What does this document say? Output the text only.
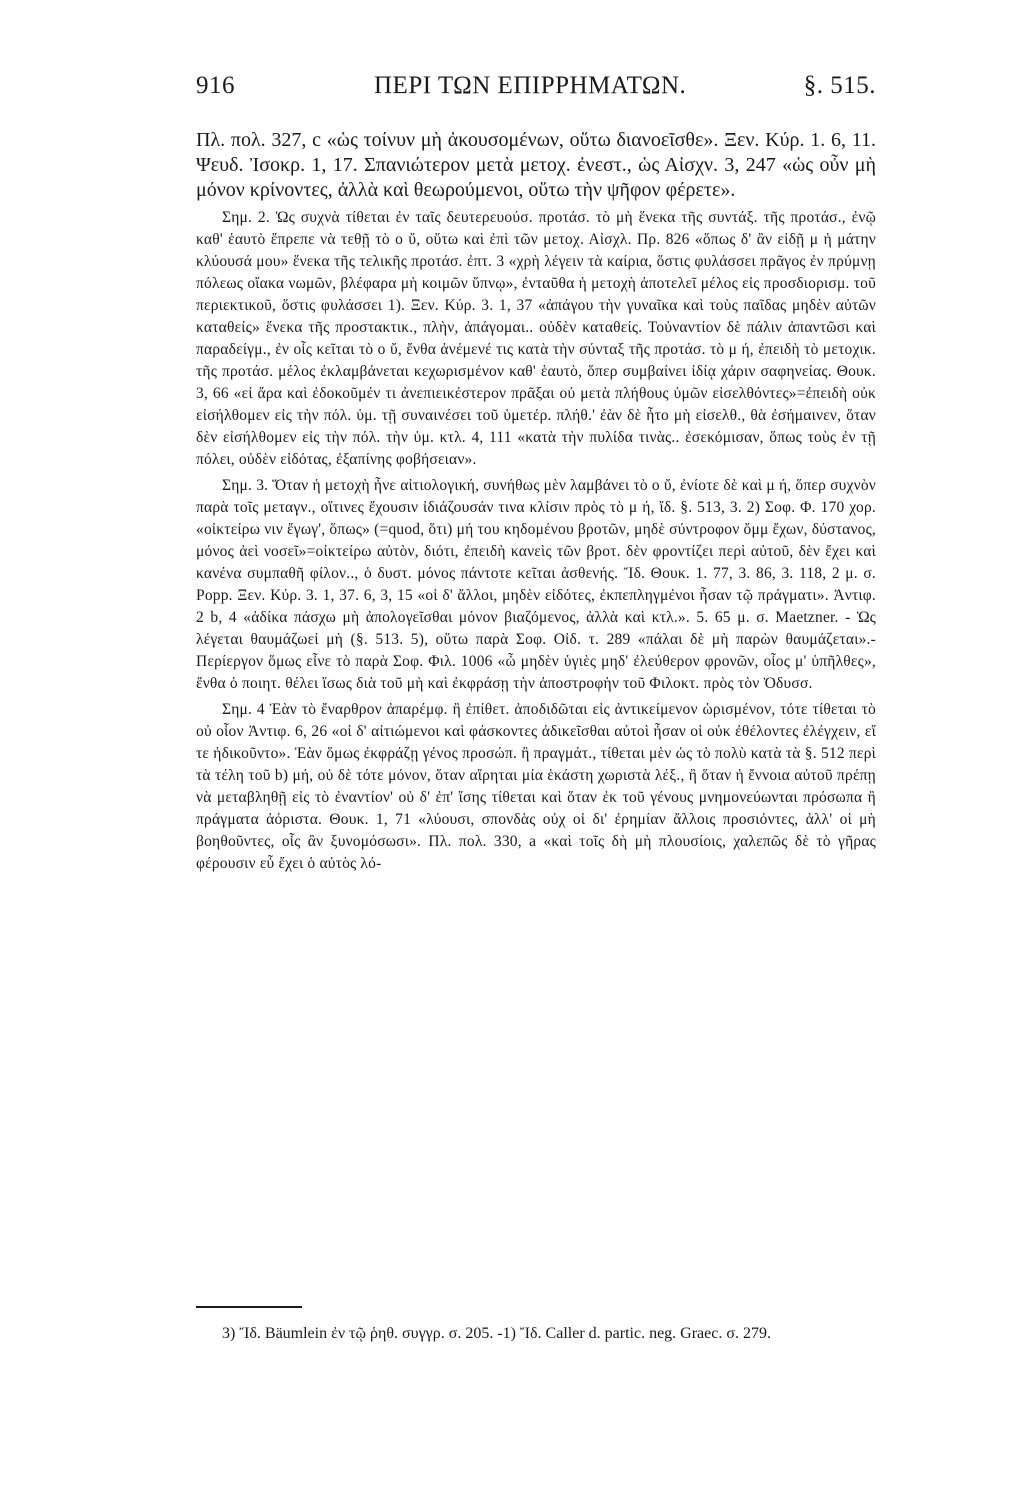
916	ΠΕΡΙ ΤΩΝ ΕΠΙΡΡΗΜΑΤΩΝ.	§. 515.

Πλ. πολ. 327, c «ὡς τοίνυν μὴ ἀκουσομένων, οὕτω διανοεῖσθε». Ξεν. Κύρ. 1. 6, 11. Ψευδ. Ἰσοκρ. 1, 17. Σπανιώτερον μετὰ μετοχ. ἐνεστ., ὡς Αἰσχν. 3, 247 «ὡς οὖν μὴ μόνον κρίνοντες, ἀλλὰ καὶ θεωρούμενοι, οὕτω τὴν ψῆφον φέρετε».

Σημ. 2. Ὡς συχνὰ τίθεται ἐν ταῖς δευτερευούσ. προτάσ. τὸ μὴ ἕνεκα τῆς συντάξ. τῆς προτάσ., ἐνῷ καθ' ἑαυτὸ ἔπρεπε νὰ τεθῇ τὸ ο ὔ, οὕτω καὶ ἐπὶ τῶν μετοχ. Αἰσχλ. Πρ. 826 «ὅπως δ' ἂν εἰδῇ μ ἡ μάτην κλύουσά μου» ἕνεκα τῆς τελικῆς προτάσ. ἐπτ. 3 «χρὴ λέγειν τὰ καίρια, ὅστις φυλάσσει πρᾶγος ἐν πρύμνῃ πόλεως οἴακα νωμῶν, βλέφαρα μὴ κοιμῶν ὕπνῳ», ἐνταῦθα ἡ μετοχὴ ἀποτελεῖ μέλος εἰς προσδιορισμ. τοῦ περιεκτικοῦ, ὅστις φυλάσσει 1). Ξεν. Κύρ. 3. 1, 37 «ἀπάγου τὴν γυναῖκα καὶ τοὺς παῖδας μηδὲν αὐτῶν καταθείς» ἕνεκα τῆς προστακτικ., πλὴν, ἀπάγομαι.. οὐδὲν καταθείς. Τοὐναντίον δὲ πάλιν ἀπαντῶσι καὶ παραδείγμ., ἐν οἷς κεῖται τὸ ο ὔ, ἔνθα ἀνέμενέ τις κατὰ τὴν σύνταξ τῆς προτάσ. τὸ μ ή, ἐπειδὴ τὸ μετοχικ. τῆς προτάσ. μέλος ἐκλαμβάνεται κεχωρισμένον καθ' ἑαυτὸ, ὅπερ συμβαίνει ἰδίᾳ χάριν σαφηνείας. Θουκ. 3, 66 «εἰ ἄρα καὶ ἐδοκοῦμέν τι ἀνεπιεικέστερον πρᾶξαι οὐ μετὰ πλήθους ὑμῶν εἰσελθόντες»=ἐπειδὴ οὐκ εἰσήλθομεν εἰς τὴν πόλ. ὑμ. τῇ συναινέσει τοῦ ὑμετέρ. πλήθ.' ἐὰν δὲ ἦτο μὴ εἰσελθ., θὰ ἐσήμαινεν, ὅταν δὲν εἰσήλθομεν εἰς τὴν πόλ. τὴν ὑμ. κτλ. 4, 111 «κατὰ τὴν πυλίδα τινὰς.. ἐσεκόμισαν, ὅπως τοὺς ἐν τῇ πόλει, οὐδὲν εἰδότας, ἐξαπίνης φοβήσειαν».

Σημ. 3. Ὅταν ἡ μετοχὴ ἦνε αἰτιολογική, συνήθως μὲν λαμβάνει τὸ ο ὔ, ἐνίοτε δὲ καὶ μ ή, ὅπερ συχνὸν παρὰ τοῖς μεταγν., οἵτινες ἔχουσιν ἰδιάζουσάν τινα κλίσιν πρὸς τὸ μ ή, ἴδ. §. 513, 3. 2) Σοφ. Φ. 170 χορ. «οἰκτείρω νιν ἔγωγ', ὅπως» (=quod, ὅτι) μή του κηδομένου βροτῶν, μηδὲ σύντροφον ὄμμ ἔχων, δύστανος, μόνος ἀεὶ νοσεῖ»=οἰκτείρω αὐτὸν, διότι, ἐπειδὴ κανεὶς τῶν βροτ. δὲν φροντίζει περὶ αὐτοῦ, δὲν ἔχει καὶ κανένα συμπαθῆ φίλον.., ὁ δυστ. μόνος πάντοτε κεῖται ἀσθενής. Ἴδ. Θουκ. 1. 77, 3. 86, 3. 118, 2 μ. σ. Popp. Ξεν. Κύρ. 3. 1, 37. 6, 3, 15 «οἱ δ' ἄλλοι, μηδὲν εἰδότες, ἐκπεπληγμένοι ἦσαν τῷ πράγματι». Ἀντιφ. 2 b, 4 «ἀδίκα πάσχω μὴ ἀπολογεῖσθαι μόνον βιαζόμενος, ἀλλὰ καὶ κτλ.». 5. 65 μ. σ. Maetzner. - Ὡς λέγεται θαυμάζωεἰ μὴ (§. 513. 5), οὕτω παρὰ Σοφ. Οἰδ. τ. 289 «πάλαι δὲ μὴ παρὼν θαυμάζεται».- Περίεργον ὅμως εἶνε τὸ παρὰ Σοφ. Φιλ. 1006 «ὦ μηδὲν ὑγιὲς μηδ' ἐλεύθερον φρονῶν, οἷος μ' ὑπῆλθες», ἔνθα ὁ ποιητ. θέλει ἴσως διὰ τοῦ μὴ καὶ ἐκφράσῃ τὴν ἀποστροφὴν τοῦ Φιλοκτ. πρὸς τὸν Ὀδυσσ.

Σημ. 4 Ἐὰν τὸ ἔναρθρον ἀπαρέμφ. ἢ ἐπίθετ. ἀποδιδῶται εἰς ἀντικείμενον ὡρισμένον, τότε τίθεται τὸ οὐ οἷον Ἀντιφ. 6, 26 «οἱ δ' αἰτιώμενοι καὶ φάσκοντες ἀδικεῖσθαι αὐτοὶ ἦσαν οἱ οὐκ ἐθέλοντες ἐλέγχειν, εἴ τε ἠδικοῦντο». Ἐὰν ὅμως ἐκφράζῃ γένος προσώπ. ἢ πραγμάτ., τίθεται μὲν ὡς τὸ πολὺ κατὰ τὰ §. 512 περὶ τὰ τέλη τοῦ b) μή, οὐ δὲ τότε μόνον, ὅταν αἴρηται μία ἑκάστη χωριστὰ λέξ., ἢ ὅταν ἡ ἔννοια αὐτοῦ πρέπῃ νὰ μεταβληθῇ εἰς τὸ ἐναντίον' οὐ δ' ἐπ' ἴσης τίθεται καὶ ὅταν ἐκ τοῦ γένους μνημονεύωνται πρόσωπα ἢ πράγματα ἀόριστα. Θουκ. 1, 71 «λύουσι, σπονδὰς οὐχ οἱ δι' ἐρημίαν ἄλλοις προσιόντες, ἀλλ' οἱ μὴ βοηθοῦντες, οἷς ἂν ξυνομόσωσι». Πλ. πολ. 330, a «καὶ τοῖς δὴ μὴ πλουσίοις, χαλεπῶς δὲ τὸ γῆρας φέρουσιν εὖ ἔχει ὁ αὐτὸς λό-

3) Ἴδ. Bäumlein ἐν τῷ ῥηθ. συγγρ. σ. 205. -1) Ἴδ. Caller d. partic. neg. Graec. σ. 279.
